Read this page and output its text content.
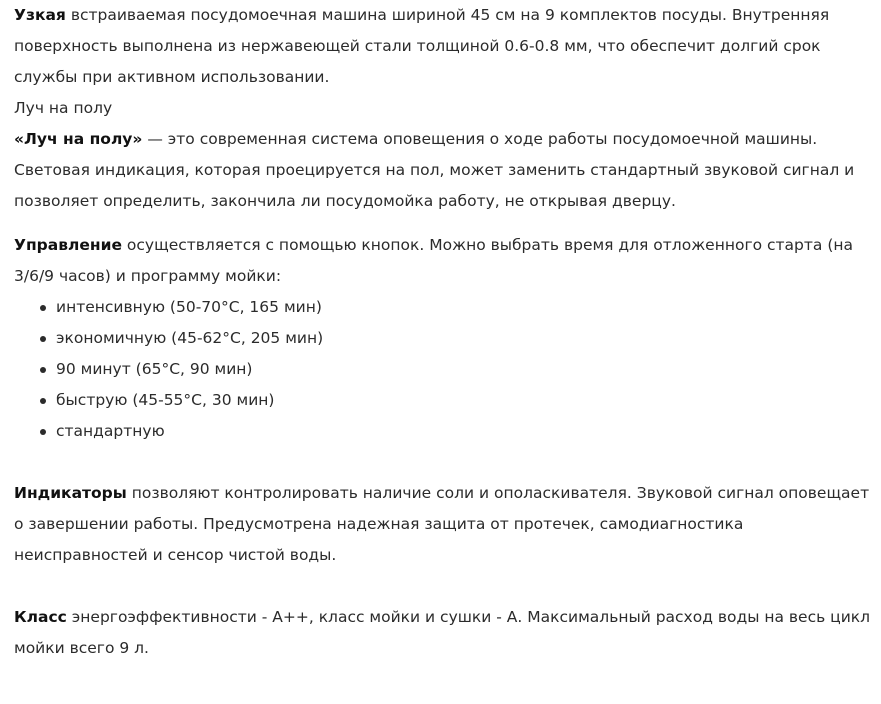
Узкая встраиваемая посудомоечная машина шириной 45 см на 9 комплектов посуды. Внутренняя поверхность выполнена из нержавеющей стали толщиной 0.6-0.8 мм, что обеспечит долгий срок службы при активном использовании.

Луч на полу

«Луч на полу» — это современная система оповещения о ходе работы посудомоечной машины. Световая индикация, которая проецируется на пол, может заменить стандартный звуковой сигнал и позволяет определить, закончила ли посудомойка работу, не открывая дверцу.

Управление осуществляется с помощью кнопок. Можно выбрать время для отложенного старта (на 3/6/9 часов) и программу мойки:

интенсивную (50-70°С, 165 мин)
экономичную (45-62°С, 205 мин)
90 минут (65°С, 90 мин)
быструю (45-55°С, 30 мин)
стандартную

Индикаторы позволяют контролировать наличие соли и ополаскивателя. Звуковой сигнал оповещает о завершении работы. Предусмотрена надежная защита от протечек, самодиагностика неисправностей и сенсор чистой воды.

Класс энергоэффективности - А++, класс мойки и сушки - А. Максимальный расход воды на весь цикл мойки всего 9 л.
